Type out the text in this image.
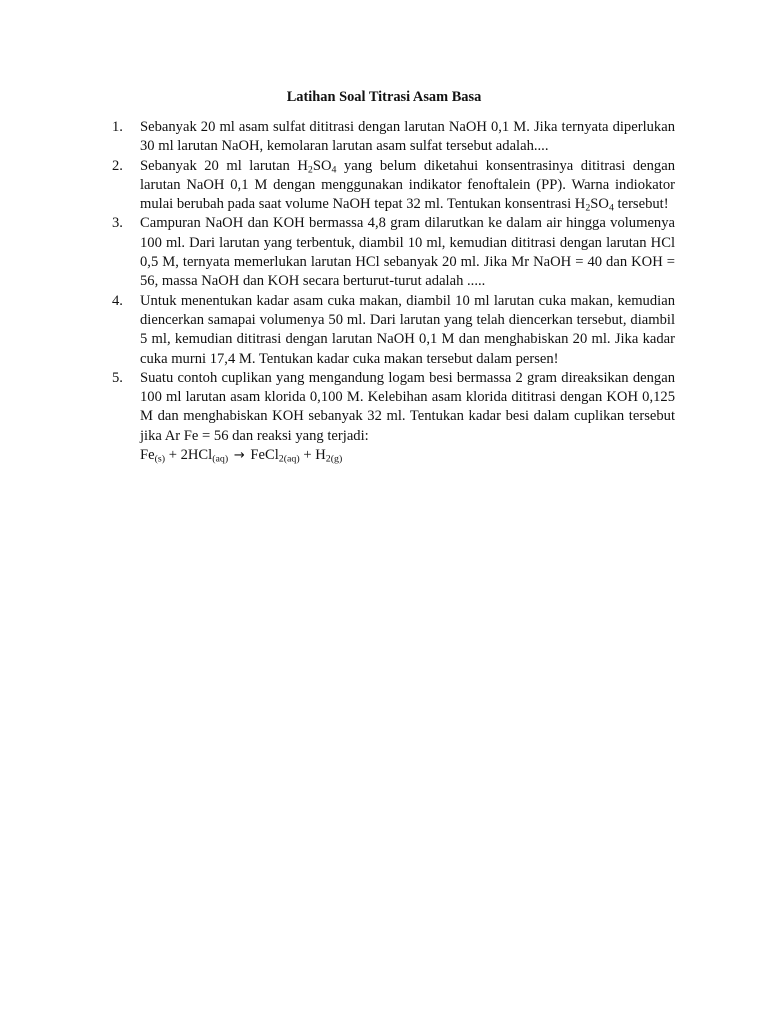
Latihan Soal Titrasi Asam Basa
1. Sebanyak 20 ml asam sulfat dititrasi dengan larutan NaOH 0,1 M. Jika ternyata diperlukan 30 ml larutan NaOH, kemolaran larutan asam sulfat tersebut adalah....
2. Sebanyak 20 ml larutan $H_2SO_4$ yang belum diketahui konsentrasinya dititrasi dengan larutan NaOH 0,1 M dengan menggunakan indikator fenoftalein (PP). Warna indiokator mulai berubah pada saat volume NaOH tepat 32 ml. Tentukan konsentrasi $H_2SO_4$ tersebut!
3. Campuran NaOH dan KOH bermassa 4,8 gram dilarutkan ke dalam air hingga volumenya 100 ml. Dari larutan yang terbentuk, diambil 10 ml, kemudian dititrasi dengan larutan HCl 0,5 M, ternyata memerlukan larutan HCl sebanyak 20 ml. Jika Mr NaOH = 40 dan KOH = 56, massa NaOH dan KOH secara berturut-turut adalah .....
4. Untuk menentukan kadar asam cuka makan, diambil 10 ml larutan cuka makan, kemudian diencerkan samapai volumenya 50 ml. Dari larutan yang telah diencerkan tersebut, diambil 5 ml, kemudian dititrasi dengan larutan NaOH 0,1 M dan menghabiskan 20 ml. Jika kadar cuka murni 17,4 M. Tentukan kadar cuka makan tersebut dalam persen!
5. Suatu contoh cuplikan yang mengandung logam besi bermassa 2 gram direaksikan dengan 100 ml larutan asam klorida 0,100 M. Kelebihan asam klorida dititrasi dengan KOH 0,125 M dan menghabiskan KOH sebanyak 32 ml. Tentukan kadar besi dalam cuplikan tersebut jika Ar Fe = 56 dan reaksi yang terjadi:
$Fe_{(s)} + 2HCl_{(aq)}$ → FeCl$_{2(aq)}$ + $H_{2(g)}$
